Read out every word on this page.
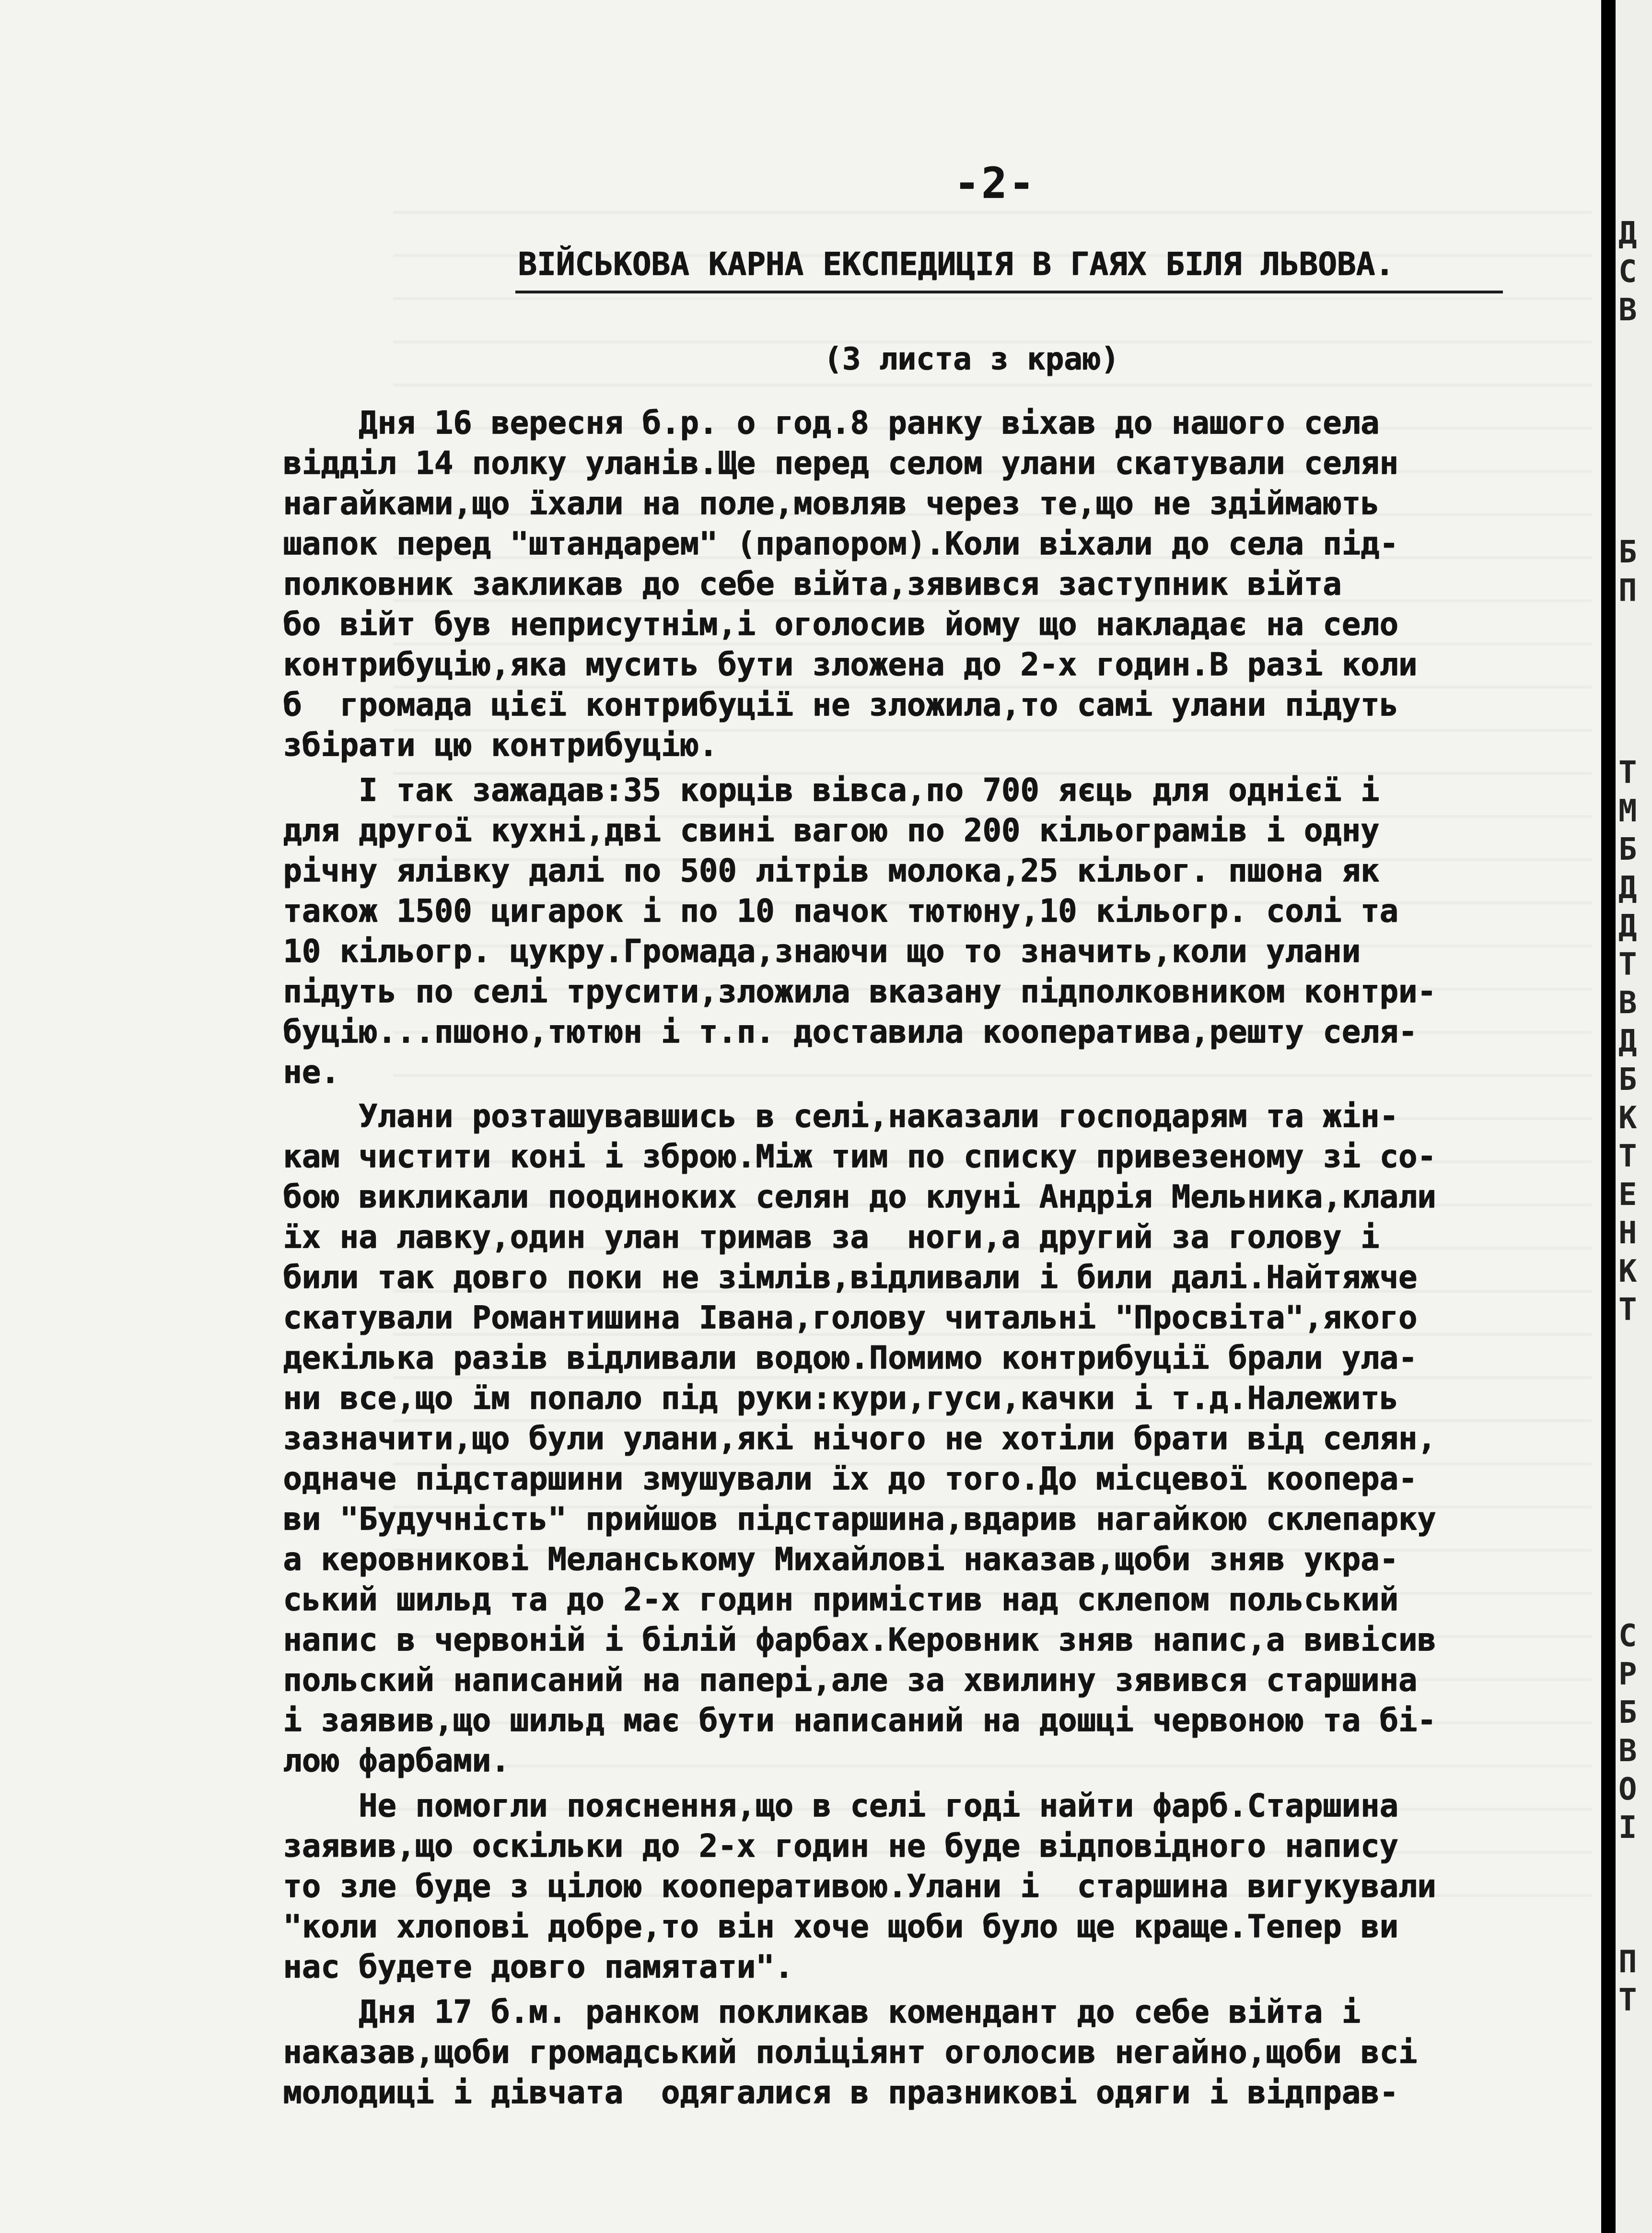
-2-
ВІЙСЬКОВА КАРНА ЕКСПЕДИЦІЯ В ГАЯХ БІЛЯ ЛЬВОВА.
(З листа з краю)
Дня 16 вересня б.р. о год.8 ранку віхав до нашого села
відділ 14 полку уланів.Ще перед селом улани скатували селян
нагайками,що їхали на поле,мовляв через те,що не здіймають
шапок перед "штандарем" (прапором).Коли віхали до села під-
полковник закликав до себе війта,зявився заступник війта
бо війт був неприсутнім,і оголосив йому що накладає на село
контрибуцію,яка мусить бути зложена до 2-х годин.В разі коли
б  громада цієї контрибуції не зложила,то самі улани підуть
збірати цю контрибуцію.
І так зажадав:35 корців вівса,по 700 яєць для однієї і
для другої кухні,дві свині вагою по 200 кільограмів і одну
річну ялівку далі по 500 літрів молока,25 кільог. пшона як
також 1500 цигарок і по 10 пачок тютюну,10 кільогр. солі та
10 кільогр. цукру.Громада,знаючи що то значить,коли улани
підуть по селі трусити,зложила вказану підполковником контри-
буцію...пшоно,тютюн і т.п. доставила кооператива,решту селя-
не.
Улани розташувавшись в селі,наказали господарям та жін-
кам чистити коні і зброю.Між тим по списку привезеному зі со-
бою викликали поодиноких селян до клуні Андрія Мельника,клали
їх на лавку,один улан тримав за  ноги,а другий за голову і
били так довго поки не зімлів,відливали і били далі.Найтяжче
скатували Романтишина Івана,голову читальні "Просвіта",якого
декілька разів відливали водою.Помимо контрибуції брали ула-
ни все,що їм попало під руки:кури,гуси,качки і т.д.Належить
зазначити,що були улани,які нічого не хотіли брати від селян,
одначе підстаршини змушували їх до того.До місцевої коопера-
ви "Будучність" прийшов підстаршина,вдарив нагайкою склепарку
а керовникові Меланському Михайлові наказав,щоби зняв укра-
ський шильд та до 2-х годин примістив над склепом польський
напис в червоній і білій фарбах.Керовник зняв напис,а вивісив
польский написаний на папері,але за хвилину зявився старшина
і заявив,що шильд має бути написаний на дошці червоною та бі-
лою фарбами.
Не помогли пояснення,що в селі годі найти фарб.Старшина
заявив,що оскільки до 2-х годин не буде відповідного напису
то зле буде з цілою кооперативою.Улани і  старшина вигукували
"коли хлопові добре,то він хоче щоби було ще краще.Тепер ви
нас будете довго памятати".
Дня 17 б.м. ранком покликав комендант до себе війта і
наказав,щоби громадський поліціянт оголосив негайно,щоби всі
молодиці і дівчата  одягалися в празникові одяги і відправ-
Д
С
В
Б
П
Т
М
Б
Д
Д
Т
В
Д
Б
К
Т
Е
Н
К
Т
С
Р
Б
В
О
І
П
Т
